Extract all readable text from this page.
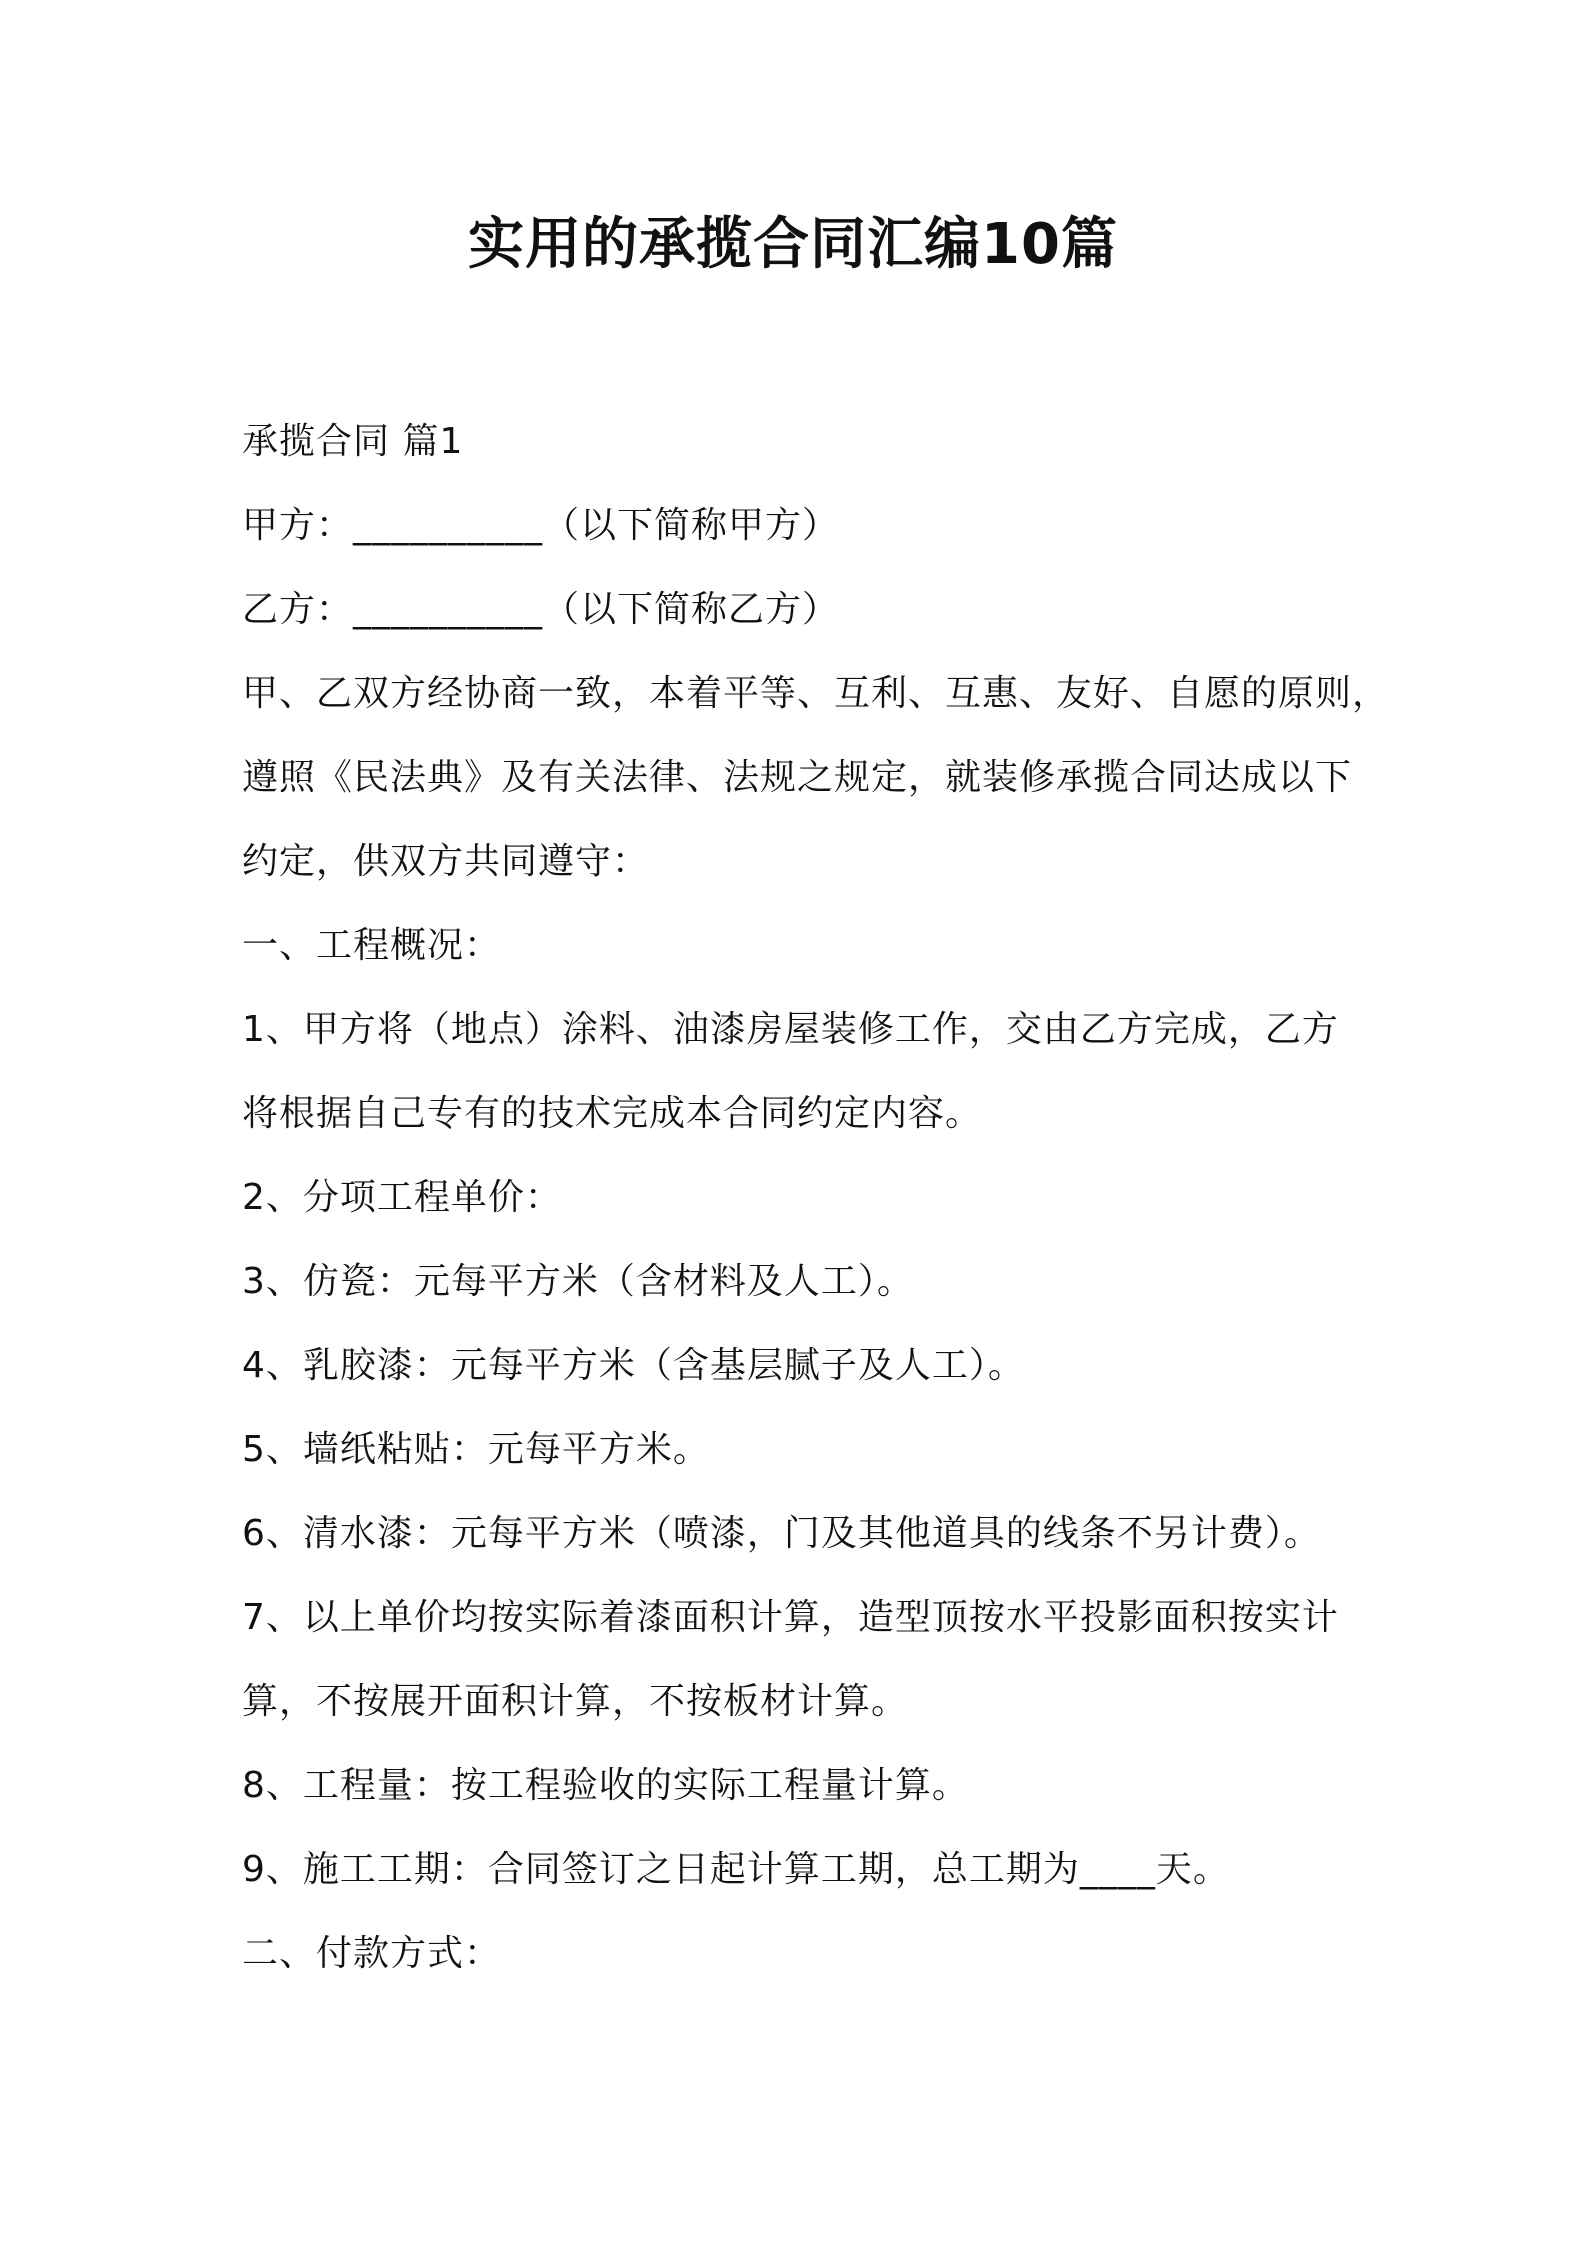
实用的承揽合同汇编10篇
承揽合同 篇1
甲方：__________（以下简称甲方）
乙方：__________（以下简称乙方）
甲、乙双方经协商一致，本着平等、互利、互惠、友好、自愿的原则，
遵照《民法典》及有关法律、法规之规定，就装修承揽合同达成以下
约定，供双方共同遵守：
一、工程概况：
1、甲方将（地点）涂料、油漆房屋装修工作，交由乙方完成，乙方
将根据自己专有的技术完成本合同约定内容。
2、分项工程单价：
3、仿瓷：元每平方米（含材料及人工）。
4、乳胶漆：元每平方米（含基层腻子及人工）。
5、墙纸粘贴：元每平方米。
6、清水漆：元每平方米（喷漆，门及其他道具的线条不另计费）。
7、以上单价均按实际着漆面积计算，造型顶按水平投影面积按实计
算，不按展开面积计算，不按板材计算。
8、工程量：按工程验收的实际工程量计算。
9、施工工期：合同签订之日起计算工期，总工期为____天。
二、付款方式：
